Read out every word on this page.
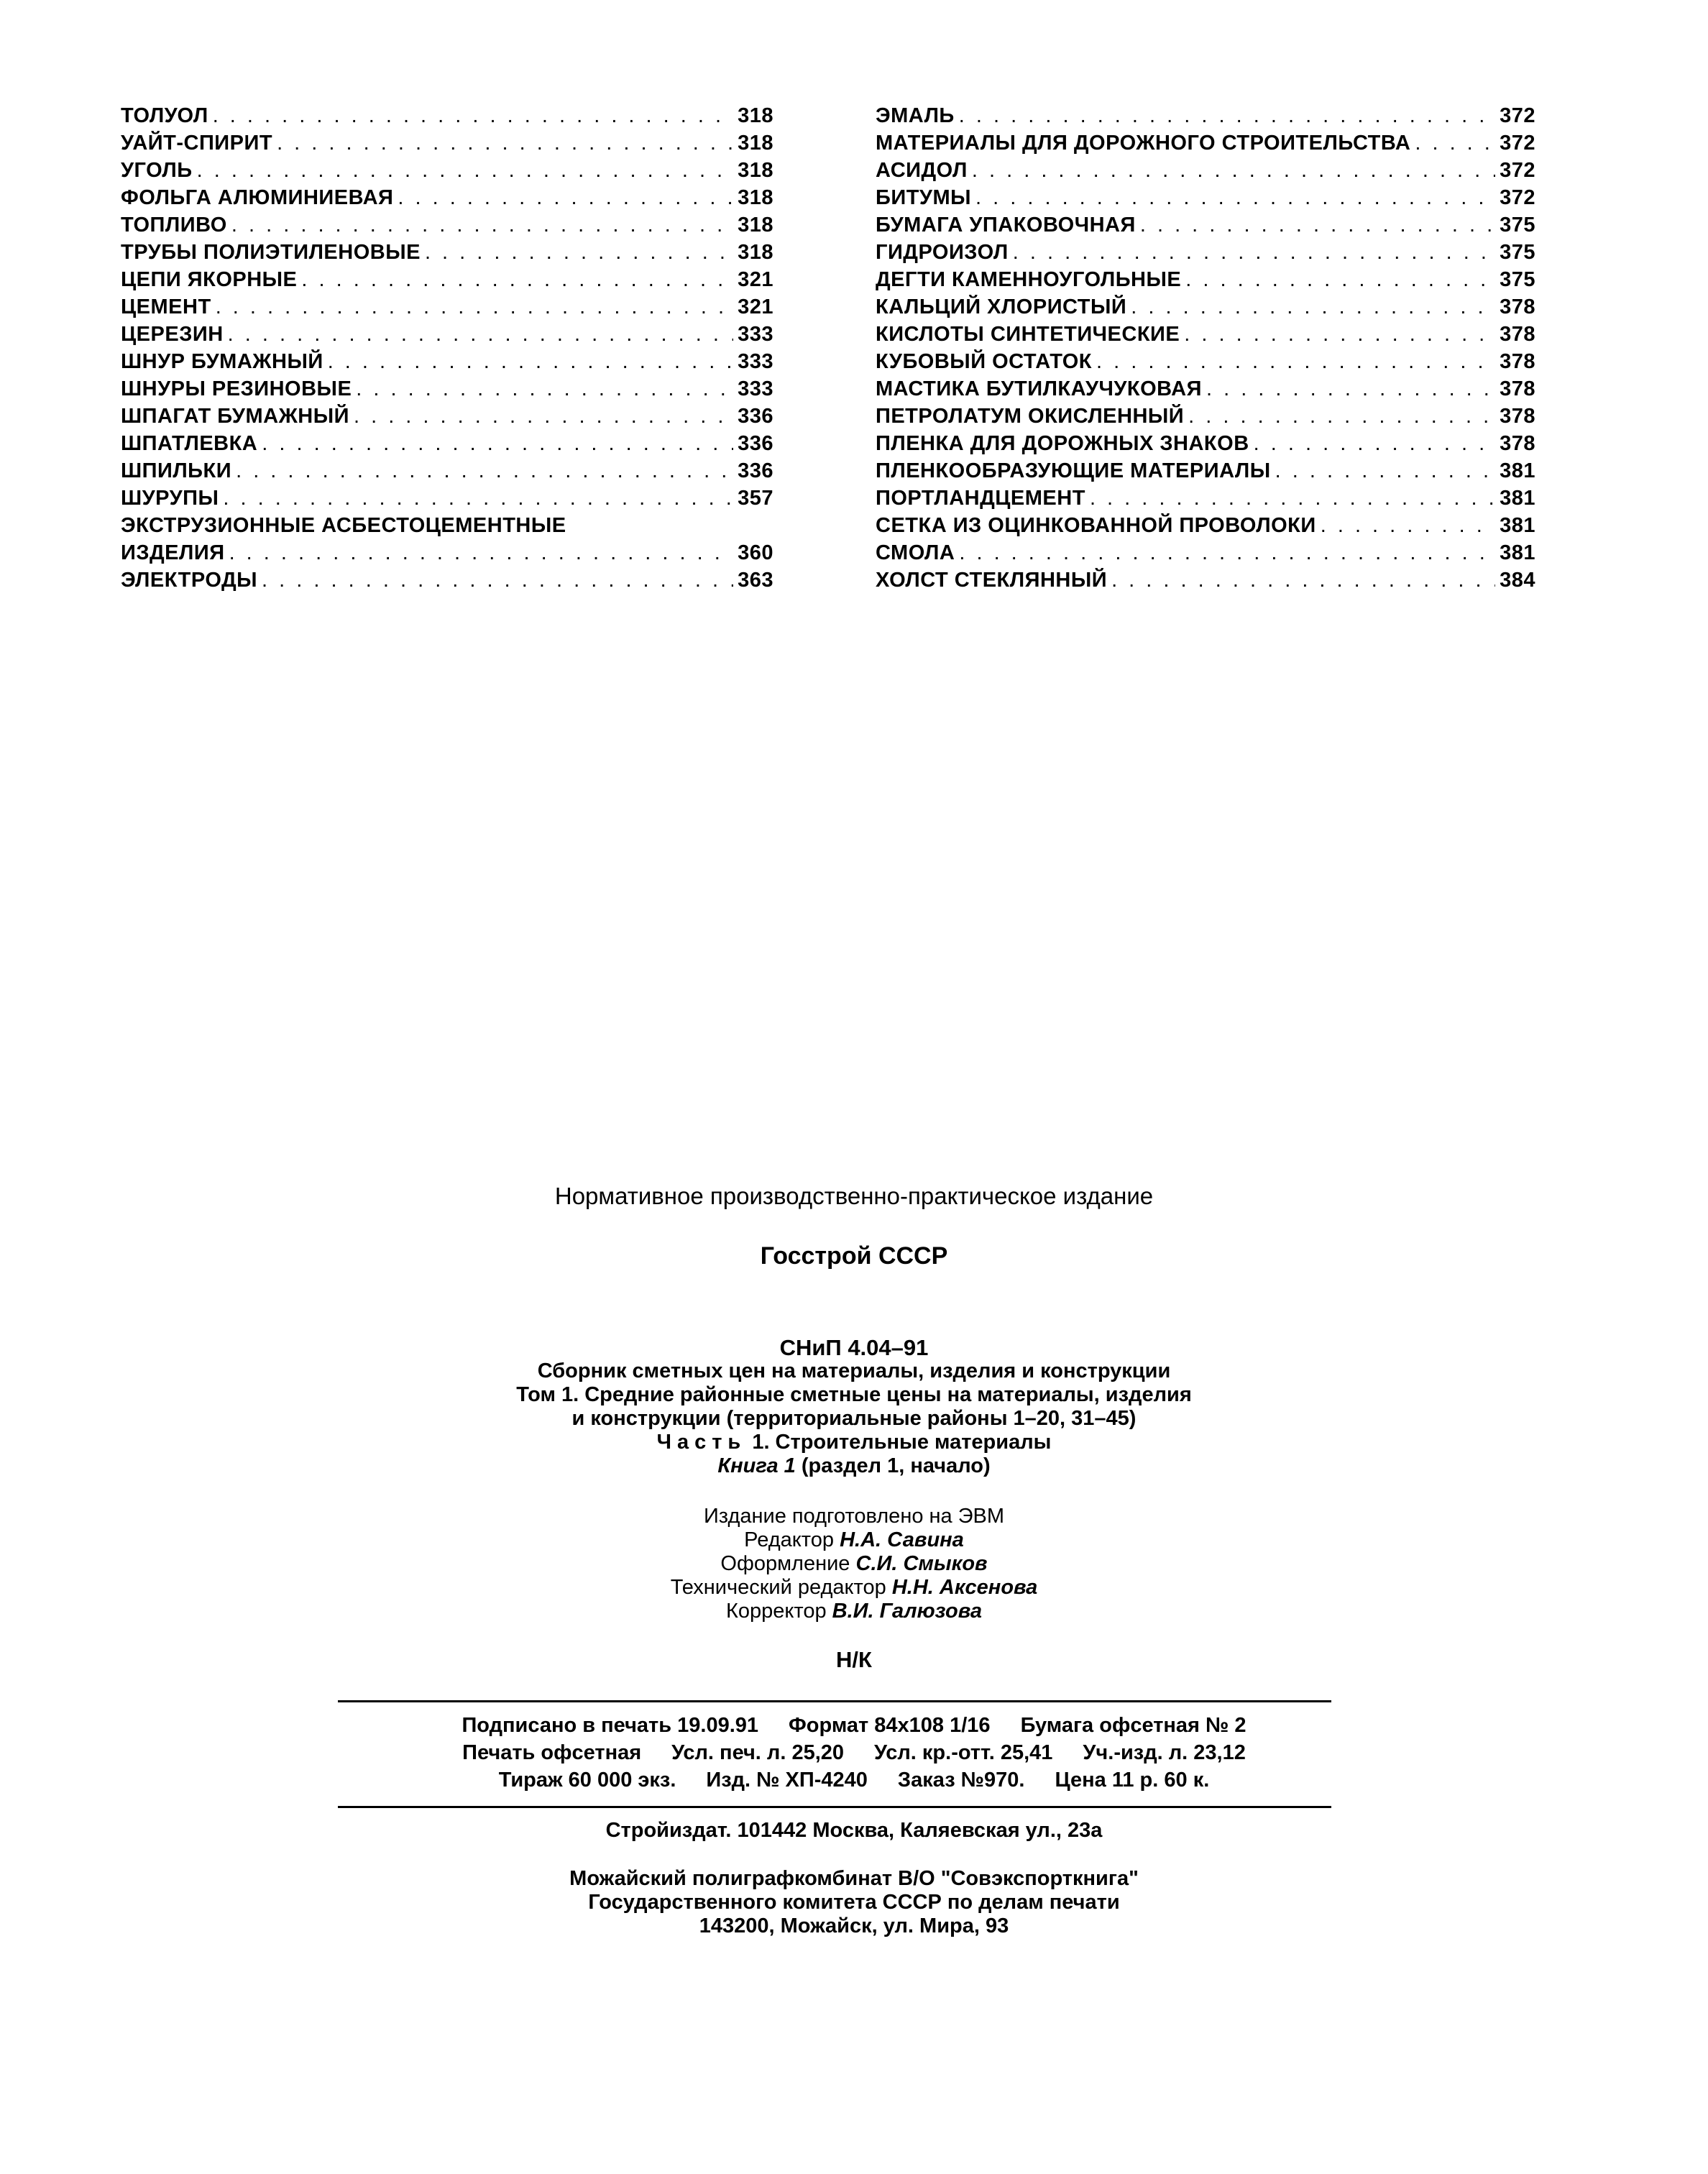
ТОЛУОЛ . . .	318
УАЙТ-СПИРИТ . . .	318
УГОЛЬ . . .	318
ФОЛЬГА АЛЮМИНИЕВАЯ . . .	318
ТОПЛИВО . . .	318
ТРУБЫ ПОЛИЭТИЛЕНОВЫЕ . . .	318
ЦЕПИ ЯКОРНЫЕ . . .	321
ЦЕМЕНТ . . .	321
ЦЕРЕЗИН . . .	333
ШНУР БУМАЖНЫЙ . . .	333
ШНУРЫ РЕЗИНОВЫЕ . . .	333
ШПАГАТ БУМАЖНЫЙ . . .	336
ШПАТЛЕВКА . . .	336
ШПИЛЬКИ . . .	336
ШУРУПЫ . . .	357
ЭКСТРУЗИОННЫЕ АСБЕСТОЦЕМЕНТНЫЕ
ИЗДЕЛИЯ . . .	360
ЭЛЕКТРОДЫ . . .	363
ЭМАЛЬ . . .	372
МАТЕРИАЛЫ ДЛЯ ДОРОЖНОГО СТРОИТЕЛЬСТВА . . .	372
АСИДОЛ . . .	372
БИТУМЫ . . .	372
БУМАГА УПАКОВОЧНАЯ . . .	375
ГИДРОИЗОЛ . . .	375
ДЕГТИ КАМЕННОУГОЛЬНЫЕ . . .	375
КАЛЬЦИЙ ХЛОРИСТЫЙ . . .	378
КИСЛОТЫ СИНТЕТИЧЕСКИЕ . . .	378
КУБОВЫЙ ОСТАТОК . . .	378
МАСТИКА БУТИЛКАУЧУКОВАЯ . . .	378
ПЕТРОЛАТУМ ОКИСЛЕННЫЙ . . .	378
ПЛЕНКА ДЛЯ ДОРОЖНЫХ ЗНАКОВ . . .	378
ПЛЕНКООБРАЗУЮЩИЕ МАТЕРИАЛЫ . . .	381
ПОРТЛАНДЦЕМЕНТ . . .	381
СЕТКА ИЗ ОЦИНКОВАННОЙ ПРОВОЛОКИ . . .	381
СМОЛА . . .	381
ХОЛСТ СТЕКЛЯННЫЙ . . .	384
Нормативное производственно-практическое издание
Госстрой СССР
СНиП 4.04–91
Сборник сметных цен на материалы, изделия и конструкции
Том 1. Средние районные сметные цены на материалы, изделия
и конструкции (территориальные районы 1–20, 31–45)
Часть 1. Строительные материалы
Книга 1 (раздел 1, начало)
Издание подготовлено на ЭВМ
Редактор Н.А. Савина
Оформление С.И. Смыков
Технический редактор Н.Н. Аксенова
Корректор В.И. Галюзова
Н/К
Подписано в печать 19.09.91 Формат 84х108 1/16 Бумага офсетная № 2
Печать офсетная Усл. печ. л. 25,20 Усл. кр.-отт. 25,41 Уч.-изд. л. 23,12
Тираж 60 000 экз. Изд. № ХП-4240 Заказ №970. Цена 11 р. 60 к.
Стройиздат. 101442 Москва, Каляевская ул., 23а
Можайский полиграфкомбинат В/О "Совэкспорткнига"
Государственного комитета СССР по делам печати
143200, Можайск, ул. Мира, 93
